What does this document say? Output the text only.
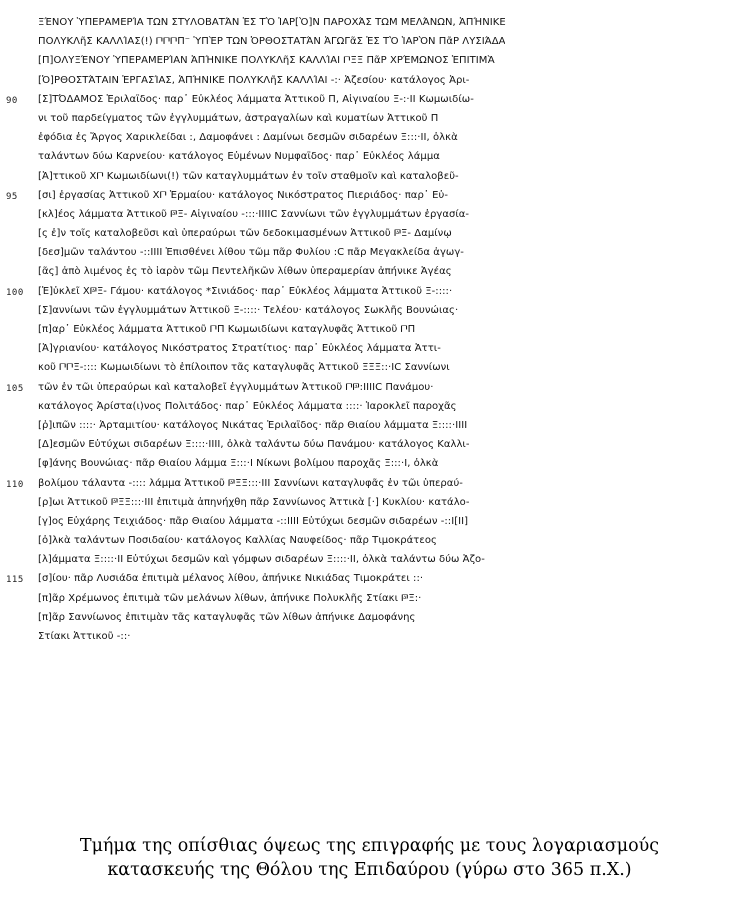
ΞΈΝΟΥ ὙΠΕΡΑΜΕΡΊΑ ΤΩΝ ΣΤΥΛΟΒΑΤΆΝ ἘΣ ΤῸ ἹΑΡ[Ὸ]Ν ΠΑΡΟΧΆΣ ΤΩΜ ΜΕΛΆΝΩΝ, ἈΠΉΝΙΚΕ
ΠΟΛΥΚΛῆΣ ΚΑΛΛΊΑΣ(!) 𐅃𐅃𐅃Π⁻ ὙΠῈΡ ΤΩΝ ὈΡΘΟΣΤΑΤΆΝ ἈΓΩΓᾶΣ ἘΣ ΤῸ ἹΑΡῸΝ ΠᾶΡ ΛΥΣΙΆΔΑ
[Π]ΟΛΥΞΈΝΟΥ ὙΠΕΡΑΜΕΡΊΑΝ ἈΠΉΝΙΚΕ ΠΟΛΥΚΛῆΣ ΚΑΛΛΊΑΙ 𐅃ΞΞ ΠᾶΡ ΧΡΈΜΩΝΟΣ ἘΠΙΤΙΜᾺ
[Ὀ]ΡΘΟΣΤΆΤΑΙΝ ἘΡΓΑΣΊΑΣ, ἈΠΉΝΙΚΕ ΠΟΛΥΚΛῆΣ ΚΑΛΛΊΑΙ -:· Ἀζεσίου· κατάλογος Ἀρι-
90	[Σ]ΤΌΔΑΜΟΣ Ἐριλαΐδος· παρ᾽ Εὐκλέος λάμματα Ἀττικοῦ Π, Αἰγιναίου Ξ-:·ΙΙ Κωμωιδίω-
νι τοῦ παρδείγματος τῶν ἐγγλυμμάτων, ἀστραγαλίων καὶ κυματίων Ἀττικοῦ Π
ἐφόδια ἐς Ἄργος Χαρικλείδαι :, Δαμοφάνει : Δαμίνωι δεσμῶν σιδαρέων Ξ:::·ΙΙ, ὀλκὰ
ταλάντων δύω Καρνείου· κατάλογος Εὐμένων Νυμφαΐδος· παρ᾽ Εὐκλέος λάμμα
[Ἀ]ττικοῦ Χ𐅃 Κωμωιδίωνι(!) τῶν καταγλυμμάτων ἐν τοῖν σταθμοῖν καὶ καταλοβεῦ-
95	[σι] ἐργασίας Ἀττικοῦ Χ𐅃 Ἑρμαίου· κατάλογος Νικόστρατος Πιεριάδος· παρ᾽ Εὐ-
[κλ]έος λάμματα Ἀττικοῦ 𐅄Ξ- Αἰγιναίου -:::·ΙΙΙΙC Σαννίωνι τῶν ἐγγλυμμάτων ἐργασία-
[ς ἐ]ν τοῖς καταλοβεῦσι καὶ ὑπεραύρωι τῶν δεδοκιμασμένων Ἀττικοῦ 𐅄Ξ- Δαμίνῳ
[δεσ]μῶν ταλάντου -::ΙΙΙΙ Ἐπισθένει λίθου τῶμ πᾶρ Φυλίου :C πᾶρ Μεγακλείδα ἀγωγ-
[ᾶς] ἀπὸ λιμένος ἐς τὸ ἱαρὸν τῶμ Πεντελῆκῶν λίθων ὑπεραμερίαν ἀπήνικε Ἀγέας
100 [Ἐ]ὐκλεῖ Χ𐅄Ξ- Γάμου· κατάλογος *Σινιάδος· παρ᾽ Εὐκλέος λάμματα Ἀττικοῦ Ξ-::::·
[Σ]αννίωνι τῶν ἐγγλυμμάτων Ἀττικοῦ Ξ-::::· Τελέου· κατάλογος Σωκλῆς Βουνώιας·
[π]αρ᾽ Εὐκλέος λάμματα Ἀττικοῦ 𐅃Π Κωμωιδίωνι καταγλυφᾶς Ἀττικοῦ 𐅃Π
[Ἀ]γριανίου· κατάλογος Νικόστρατος Στρατίτιος· παρ᾽ Εὐκλέος λάμματα Ἀττι-
κοῦ 𐅃𐅃Ξ-:::: Κωμωιδίωνι τὸ ἐπίλοιπον τᾶς καταγλυφᾶς Ἀττικοῦ ΞΞΞ::·ΙC Σαννίωνι
105 τῶν ἐν τῶι ὑπεραύρωι καὶ καταλοβεῖ ἐγγλυμμάτων Ἀττικοῦ 𐅃𐅄:ΙΙΙΙC Πανάμου·
κατάλογος Ἀρίστα(ι)νος Πολιτάδος· παρ᾽ Εὐκλέος λάμματα ::::· Ἰαροκλεῖ παροχᾶς
[ῥ]ιπῶν ::::· Ἀρταμιτίου· κατάλογος Νικάτας Ἐριλαΐδος· πᾶρ Θιαίου λάμματα Ξ::::·ΙΙΙΙ
[Δ]εσμῶν Εὐτύχωι σιδαρέων Ξ::::·ΙΙΙΙ, ὀλκὰ ταλάντω δύω Πανάμου· κατάλογος Καλλι-
[φ]άνης Βουνώιας· πᾶρ Θιαίου λάμμα Ξ:::·Ι Νίκωνι βολίμου παροχᾶς Ξ:::·Ι, ὀλκὰ
110 βολίμου τάλαντα -:::: λάμμα Ἀττικοῦ 𐅄ΞΞ:::·ΙΙΙ Σαννίωνι καταγλυφᾶς ἐν τῶι ὑπεραύ-
[ρ]ωι Ἀττικοῦ 𐅄ΞΞ:::·ΙΙΙ ἐπιτιμὰ ἀπηνήχθη πᾶρ Σαννίωνος Ἀττικὰ [·] Κυκλίου· κατάλο-
[γ]ος Εὐχάρης Τειχιάδος· πᾶρ Θιαίου λάμματα -::ΙΙΙΙ Εὐτύχωι δεσμῶν σιδαρέων -::Ι[ΙΙ]
[ὀ]λκὰ ταλάντων Ποσιδαίου· κατάλογος Καλλίας Ναυφείδος· πᾶρ Τιμοκράτεος
[λ]άμματα Ξ::::·ΙΙ Εὐτύχωι δεσμῶν καὶ γόμφων σιδαρέων Ξ::::·ΙΙ, ὀλκὰ ταλάντω δύω Ἀζο-
115 [σ]ίου· πᾶρ Λυσιάδα ἐπιτιμὰ μέλανος λίθου, ἀπήνικε Νικιάδας Τιμοκράτει ::·
[π]ᾶρ Χρέμωνος ἐπιτιμὰ τῶν μελάνων λίθων, ἀπήνικε Πολυκλῆς Στίακι 𐅄Ξ:·
[π]ᾶρ Σαννίωνος ἐπιτιμὰν τᾶς καταγλυφᾶς τῶν λίθων ἀπήνικε Δαμοφάνης
Στίακι Ἀττικοῦ -::·
Τμήμα της οπίσθιας όψεως της επιγραφής με τους λογαριασμούς
κατασκευής της Θόλου της Επιδαύρου (γύρω στο 365 π.Χ.)
